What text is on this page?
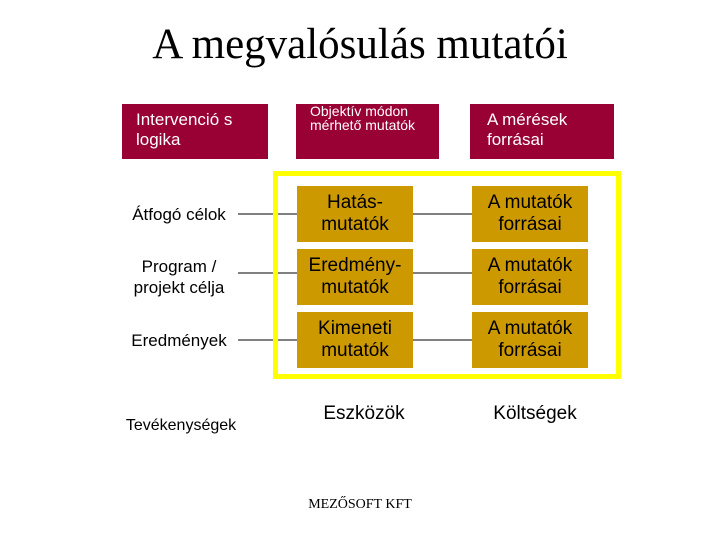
A megvalósulás mutatói
Intervenció s logika
Objektív módon mérhető mutatók	A mérések forrásai
Átfogó célok
Hatás-mutatók
A mutatók forrásai
Program / projekt célja
Eredmény-mutatók
A mutatók forrásai
Eredmények
Kimeneti mutatók
A mutatók forrásai
Tevékenységek
Eszközök	Költségek
MEZŐSOFT KFT
